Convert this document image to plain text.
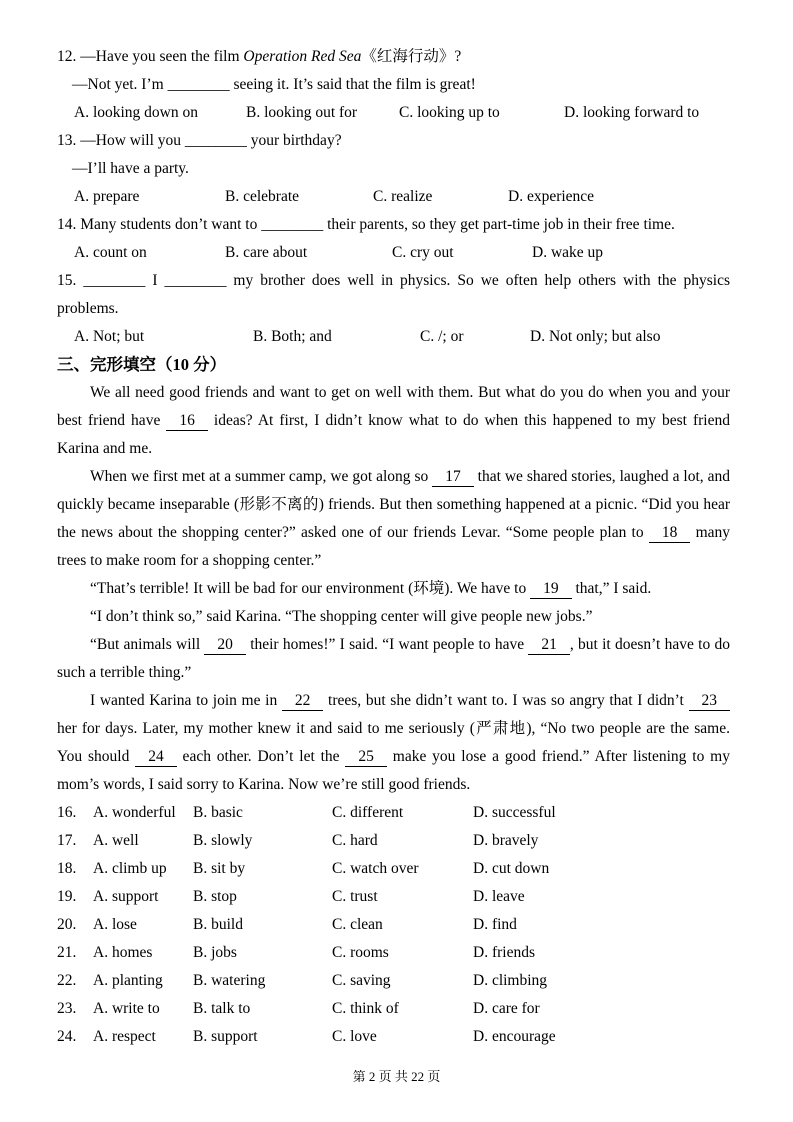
12. —Have you seen the film Operation Red Sea《红海行动》?

—Not yet. I’m ________ seeing it. It’s said that the film is great!

A. looking down on	B. looking out for	C. looking up to	D. looking forward to

13. —How will you ________ your birthday?

—I’ll have a party.

A. prepare	B. celebrate	C. realize	D. experience

14. Many students don’t want to ________ their parents, so they get part-time job in their free time.

A. count on	B. care about	C. cry out	D. wake up

15. ________ I ________ my brother does well in physics. So we often help others with the physics problems.

A. Not; but	B. Both; and	C. /; or	D. Not only; but also

三、完形填空（10 分）

We all need good friends and want to get on well with them. But what do you do when you and your best friend have 16 ideas? At first, I didn’t know what to do when this happened to my best friend Karina and me.

When we first met at a summer camp, we got along so 17 that we shared stories, laughed a lot, and quickly became inseparable (形影不离的) friends. But then something happened at a picnic. “Did you hear the news about the shopping center?” asked one of our friends Levar. “Some people plan to 18 many trees to make room for a shopping center.”

“That’s terrible! It will be bad for our environment (环境). We have to 19 that,” I said.

“I don’t think so,” said Karina. “The shopping center will give people new jobs.”

“But animals will 20 their homes!” I said. “I want people to have 21 , but it doesn’t have to do such a terrible thing.”

I wanted Karina to join me in 22 trees, but she didn’t want to. I was so angry that I didn’t 23 her for days. Later, my mother knew it and said to me seriously (严肃地), “No two people are the same. You should 24 each other. Don’t let the 25 make you lose a good friend.” After listening to my mom’s words, I said sorry to Karina. Now we’re still good friends.

16.	A. wonderful	B. basic	C. different	D. successful
17.	A. well	B. slowly	C. hard	D. bravely
18.	A. climb up	B. sit by	C. watch over	D. cut down
19.	A. support	B. stop	C. trust	D. leave
20.	A. lose	B. build	C. clean	D. find
21.	A. homes	B. jobs	C. rooms	D. friends
22.	A. planting	B. watering	C. saving	D. climbing
23.	A. write to	B. talk to	C. think of	D. care for
24.	A. respect	B. support	C. love	D. encourage
第 2 页 共 22 页
